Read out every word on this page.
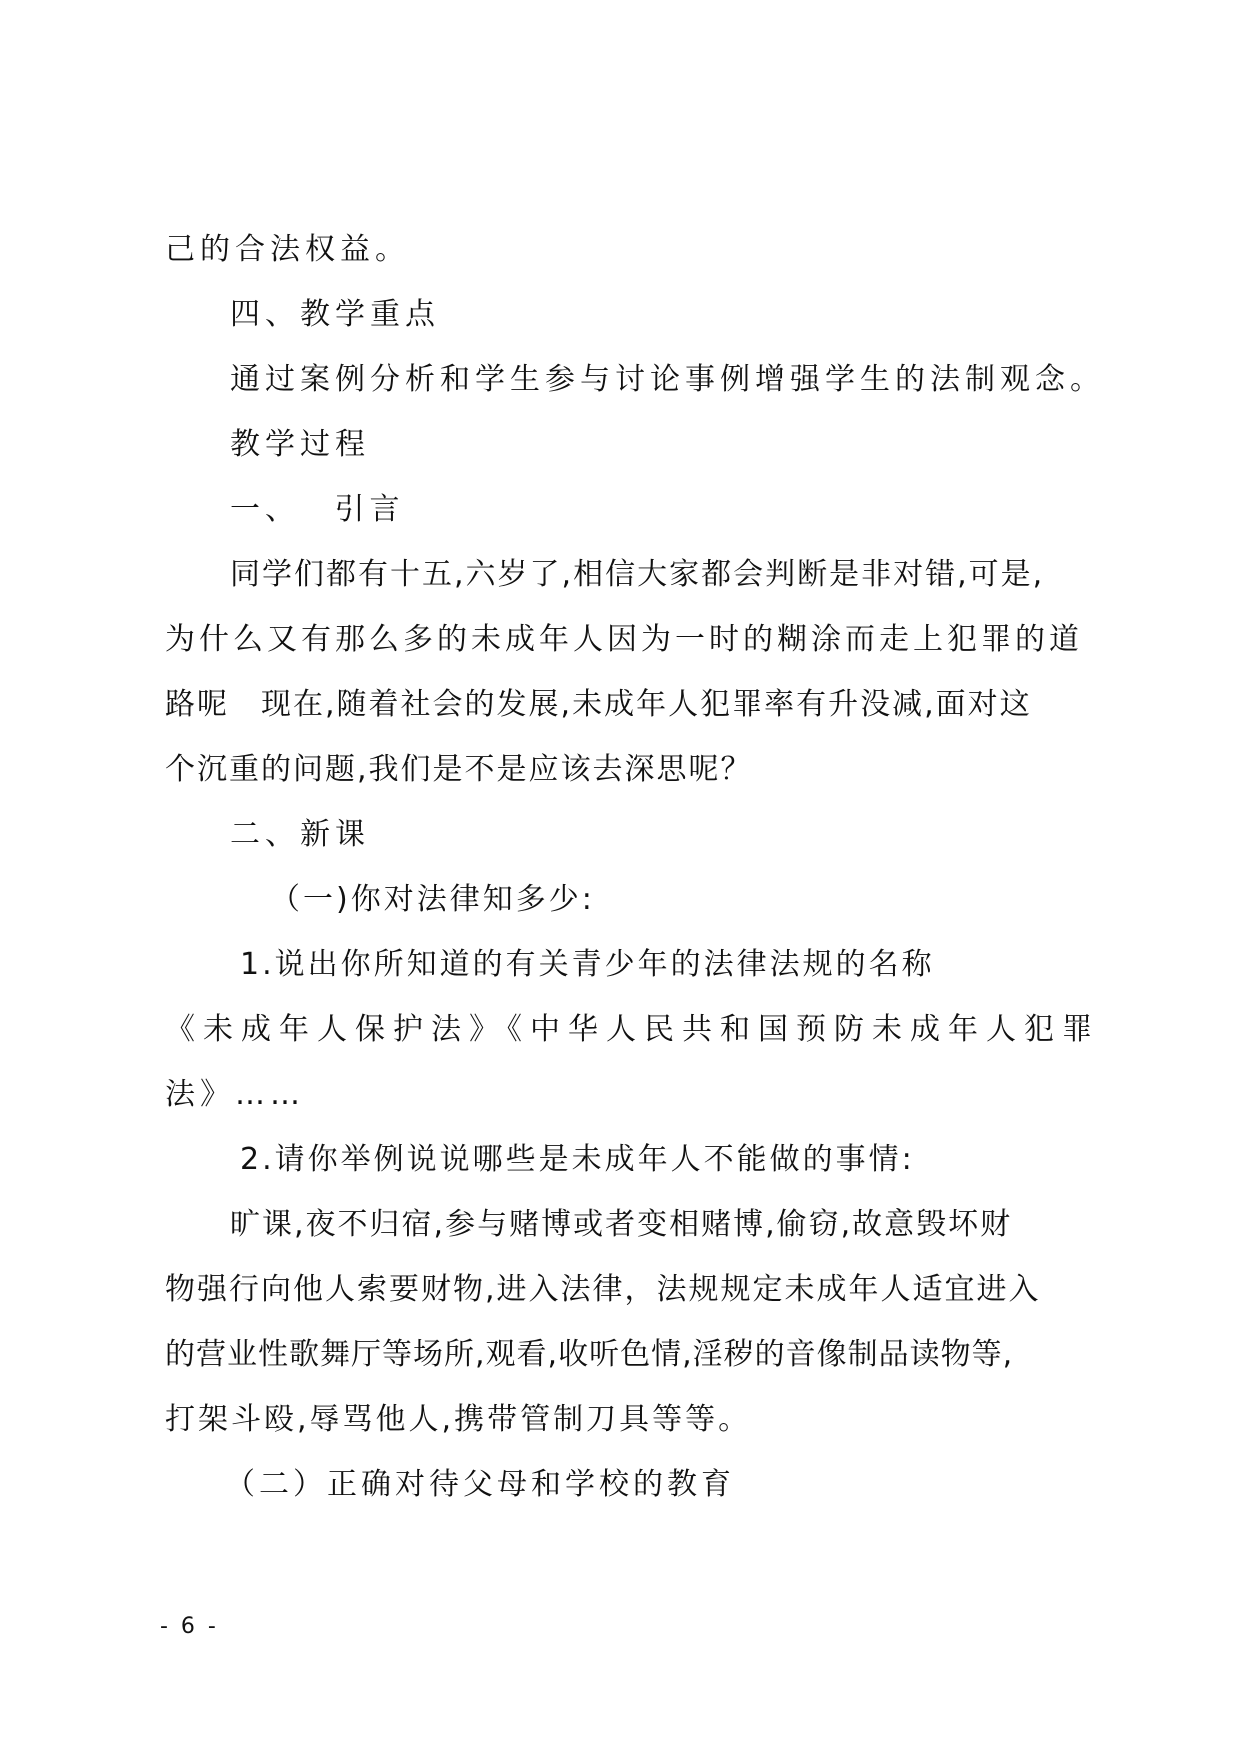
己的合法权益。
四、教学重点
通过案例分析和学生参与讨论事例增强学生的法制观念。
教学过程
一、　 引言
同学们都有十五,六岁了,相信大家都会判断是非对错,可是,
为什么又有那么多的未成年人因为一时的糊涂而走上犯罪的道
路呢　现在,随着社会的发展,未成年人犯罪率有升没减,面对这
个沉重的问题,我们是不是应该去深思呢？
二、新课
（一)你对法律知多少:
1.说出你所知道的有关青少年的法律法规的名称
《未成年人保护法》《中华人民共和国预防未成年人犯罪
法》……
2.请你举例说说哪些是未成年人不能做的事情:
旷课,夜不归宿,参与赌博或者变相赌博,偷窃,故意毁坏财
物强行向他人索要财物,进入法律，法规规定未成年人适宜进入
的营业性歌舞厅等场所,观看,收听色情,淫秽的音像制品读物等,
打架斗殴,辱骂他人,携带管制刀具等等。
（二）正确对待父母和学校的教育
- 6 -
